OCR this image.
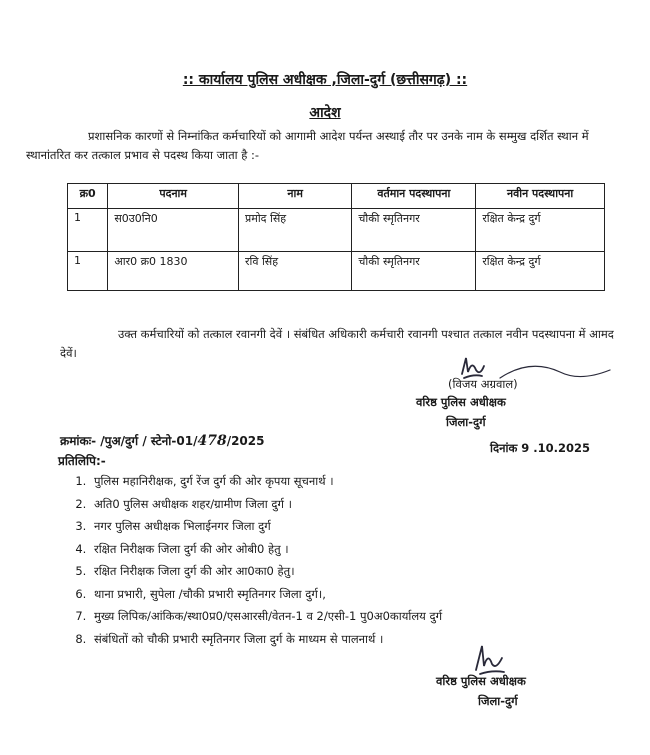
:: कार्यालय पुलिस अधीक्षक ,जिला-दुर्ग (छत्तीसगढ़) ::
आदेश
प्रशासनिक कारणों से निम्नांकित कर्मचारियों को आगामी आदेश पर्यन्त अस्थाई तौर पर उनके नाम के सम्मुख दर्शित स्थान में स्थानांतरित कर तत्काल प्रभाव से पदस्थ किया जाता है :-
क्र0	पदनाम	नाम	वर्तमान पदस्थापना	नवीन पदस्थापना
1	स0उ0नि0	प्रमोद सिंह	चौकी स्मृतिनगर	रक्षित केन्द्र दुर्ग
1	आर0 क्र0 1830	रवि सिंह	चौकी स्मृतिनगर	रक्षित केन्द्र दुर्ग
उक्त कर्मचारियों को तत्काल रवानगी देवें । संबंधित अधिकारी कर्मचारी रवानगी पश्चात तत्काल नवीन पदस्थापना में आमद देवें।
(विजय अग्रवाल)
वरिष्ठ पुलिस अधीक्षक
जिला-दुर्ग
क्रमांकः- /पुअ/दुर्ग / स्टेनो-01/478/2025	दिनांक 9 .10.2025
प्रतिलिपि:-
1. पुलिस महानिरीक्षक, दुर्ग रेंज दुर्ग की ओर कृपया सूचनार्थ ।
2. अति0 पुलिस अधीक्षक शहर/ग्रामीण जिला दुर्ग ।
3. नगर पुलिस अधीक्षक भिलाईनगर जिला दुर्ग
4. रक्षित निरीक्षक जिला दुर्ग की ओर ओबी0 हेतु ।
5. रक्षित निरीक्षक जिला दुर्ग की ओर आ0का0 हेतु।
6. थाना प्रभारी, सुपेला /चौकी प्रभारी स्मृतिनगर जिला दुर्ग।,
7. मुख्य लिपिक/आंकिक/स्था0प्र0/एसआरसी/वेतन-1 व 2/एसी-1 पु0अ0कार्यालय दुर्ग
8. संबंधितों को चौकी प्रभारी स्मृतिनगर जिला दुर्ग के माध्यम से पालनार्थ ।
वरिष्ठ पुलिस अधीक्षक
जिला-दुर्ग
